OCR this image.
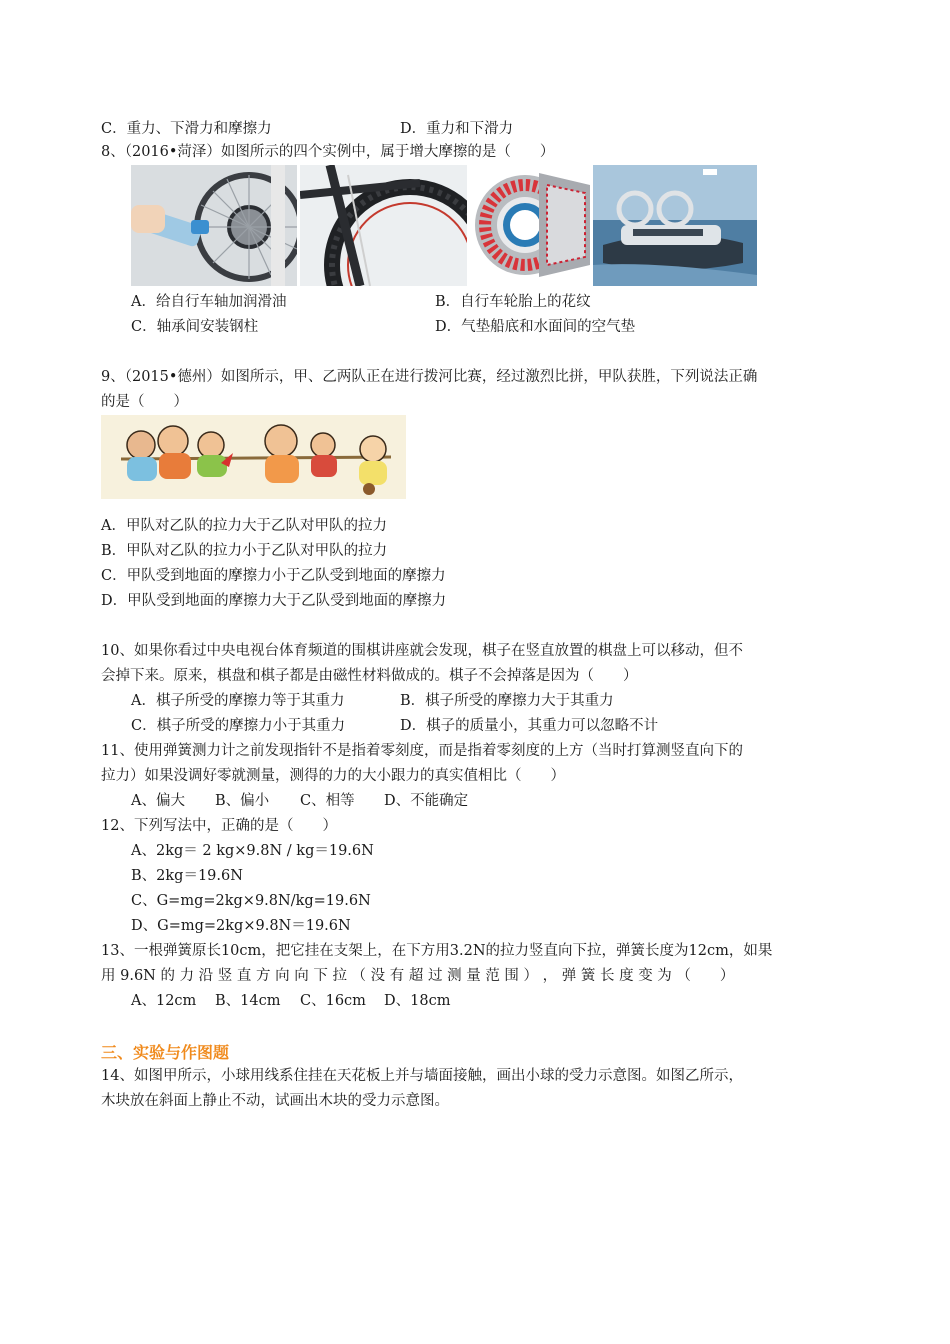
C．重力、下滑力和摩擦力	D．重力和下滑力
8、（2016•菏泽）如图所示的四个实例中，属于增大摩擦的是（　　）
A．给自行车轴加润滑油	B．自行车轮胎上的花纹
C．轴承间安装钢柱	D．气垫船底和水面间的空气垫
9、（2015•德州）如图所示，甲、乙两队正在进行拨河比赛，经过激烈比拼，甲队获胜，下列说法正确
的是（　　）
A．甲队对乙队的拉力大于乙队对甲队的拉力
B．甲队对乙队的拉力小于乙队对甲队的拉力
C．甲队受到地面的摩擦力小于乙队受到地面的摩擦力
D．甲队受到地面的摩擦力大于乙队受到地面的摩擦力
10、如果你看过中央电视台体育频道的围棋讲座就会发现，棋子在竖直放置的棋盘上可以移动，但不
会掉下来。原来，棋盘和棋子都是由磁性材料做成的。棋子不会掉落是因为（　　）
A．棋子所受的摩擦力等于其重力	B．棋子所受的摩擦力大于其重力
C．棋子所受的摩擦力小于其重力	D．棋子的质量小，其重力可以忽略不计
11、使用弹簧测力计之前发现指针不是指着零刻度，而是指着零刻度的上方（当时打算测竖直向下的
拉力）如果没调好零就测量，测得的力的大小跟力的真实值相比（　　）
A、偏大 B、偏小 C、相等 D、不能确定
12、下列写法中，正确的是（　　）
A、2kg＝ 2 kg×9.8N / kg＝19.6N
B、2kg＝19.6N
C、G=mg=2kg×9.8N/kg=19.6N
D、G=mg=2kg×9.8N＝19.6N
13、一根弹簧原长10cm，把它挂在支架上，在下方用3.2N的拉力竖直向下拉，弹簧长度为12cm，如果
用 9.6N 的 力 沿 竖 直 方 向 向 下 拉 （ 没 有 超 过 测 量 范 围 ） ， 弹 簧 长 度 变 为 （　　）
A、12cm B、14cm C、16cm D、18cm
三、实验与作图题
14、如图甲所示，小球用线系住挂在天花板上并与墙面接触，画出小球的受力示意图。如图乙所示，
木块放在斜面上静止不动，试画出木块的受力示意图。
